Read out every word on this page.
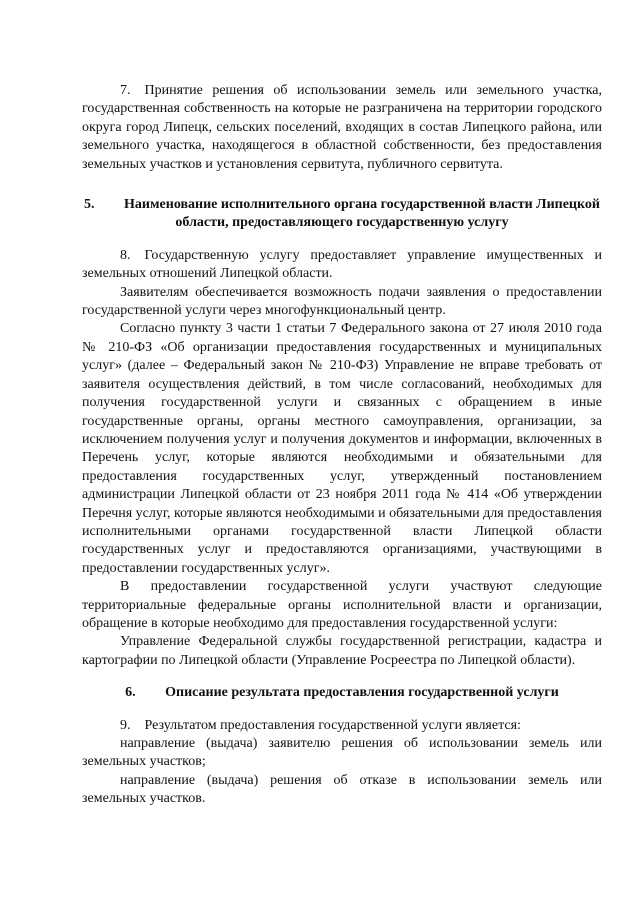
7. Принятие решения об использовании земель или земельного участка, государственная собственность на которые не разграничена на территории городского округа город Липецк, сельских поселений, входящих в состав Липецкого района, или земельного участка, находящегося в областной собственности, без предоставления земельных участков и установления сервитута, публичного сервитута.

5. Наименование исполнительного органа государственной власти Липецкой области, предоставляющего государственную услугу

8. Государственную услугу предоставляет управление имущественных и земельных отношений Липецкой области.

Заявителям обеспечивается возможность подачи заявления о предоставлении государственной услуги через многофункциональный центр.

Согласно пункту 3 части 1 статьи 7 Федерального закона от 27 июля 2010 года № 210-ФЗ «Об организации предоставления государственных и муниципальных услуг» (далее – Федеральный закон № 210-ФЗ) Управление не вправе требовать от заявителя осуществления действий, в том числе согласований, необходимых для получения государственной услуги и связанных с обращением в иные государственные органы, органы местного самоуправления, организации, за исключением получения услуг и получения документов и информации, включенных в Перечень услуг, которые являются необходимыми и обязательными для предоставления государственных услуг, утвержденный постановлением администрации Липецкой области от 23 ноября 2011 года № 414 «Об утверждении Перечня услуг, которые являются необходимыми и обязательными для предоставления исполнительными органами государственной власти Липецкой области государственных услуг и предоставляются организациями, участвующими в предоставлении государственных услуг».

В предоставлении государственной услуги участвуют следующие территориальные федеральные органы исполнительной власти и организации, обращение в которые необходимо для предоставления государственной услуги:

Управление Федеральной службы государственной регистрации, кадастра и картографии по Липецкой области (Управление Росреестра по Липецкой области).

6. Описание результата предоставления государственной услуги

9. Результатом предоставления государственной услуги является:

направление (выдача) заявителю решения об использовании земель или земельных участков;

направление (выдача) решения об отказе в использовании земель или земельных участков.
